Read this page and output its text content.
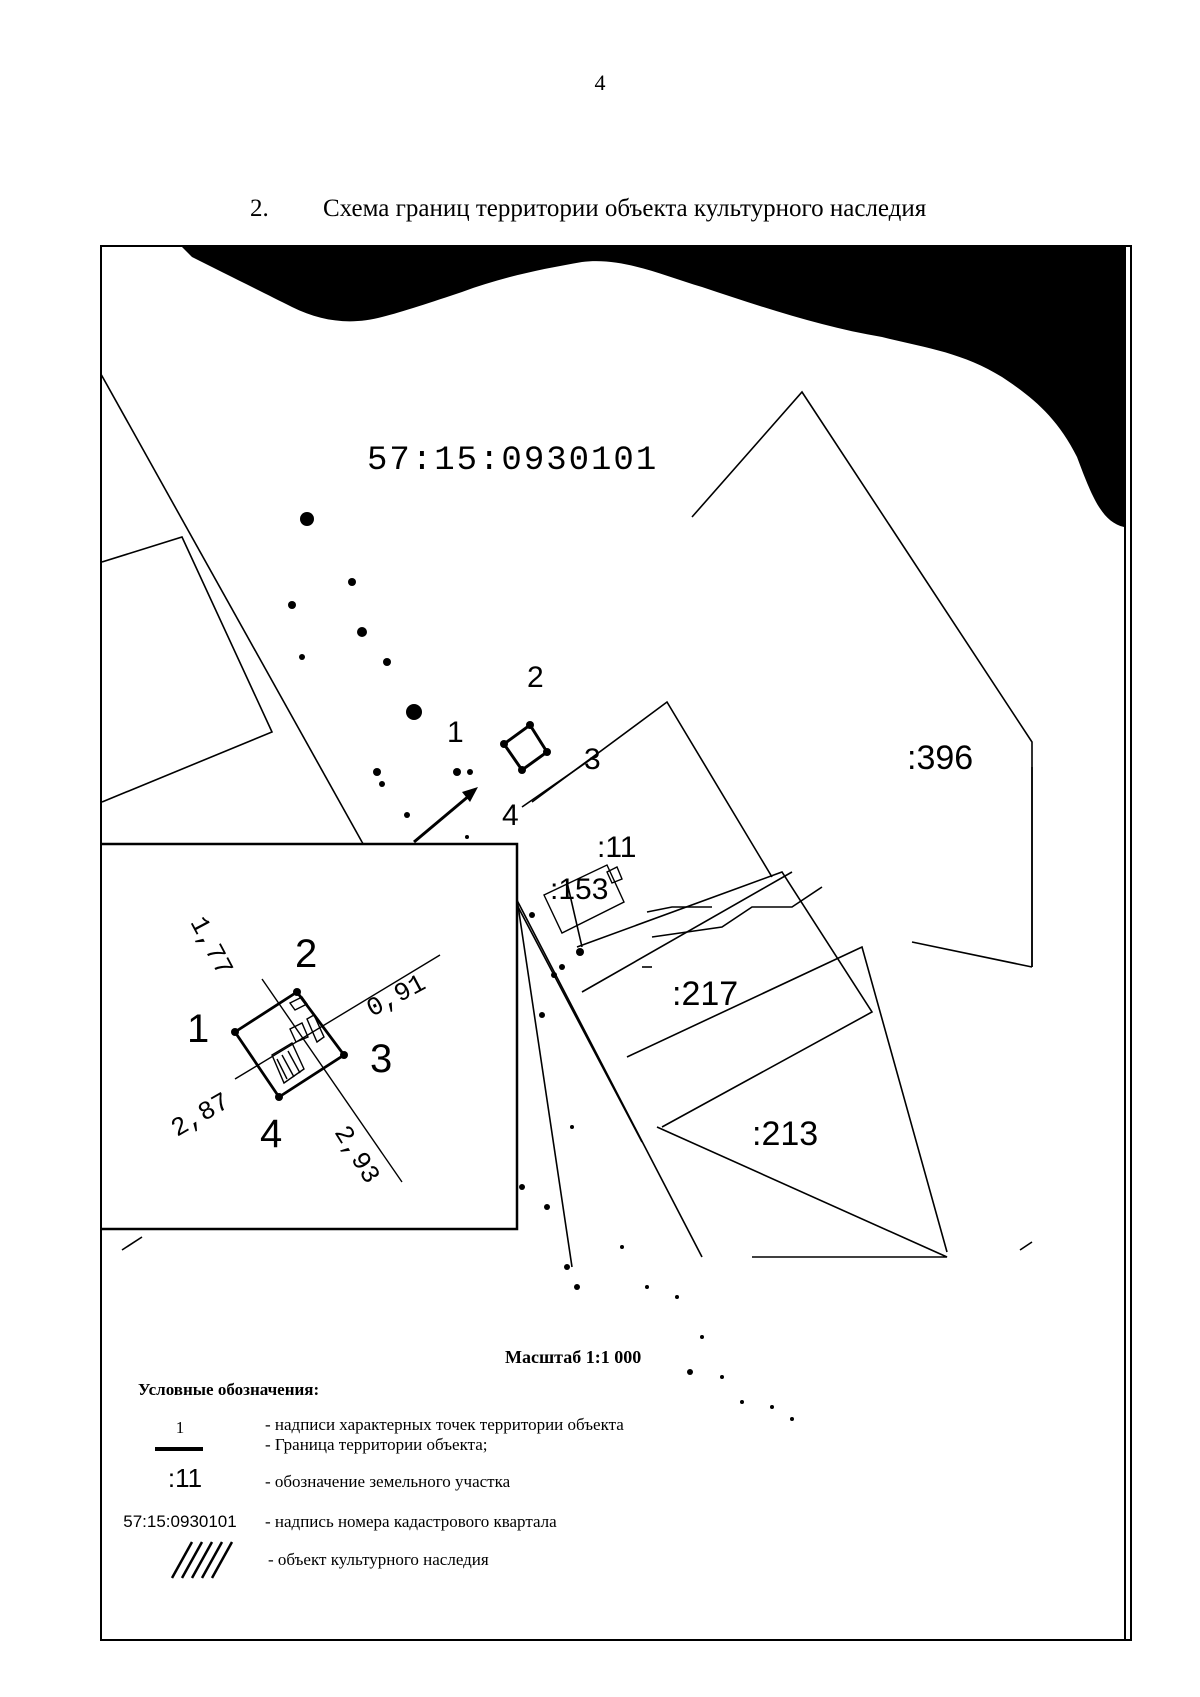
4
2. Схема границ территории объекта культурного наследия
57:15:0930101
:396
:11
:153
:217
:213
1
2
3
4
1
2
3
4
1,77
0,91
2,87
2,93
Масштаб 1:1 000
Условные обозначения:
1	- надписи характерных точек территории объекта
- Граница территории объекта;
:11	- обозначение земельного участка
57:15:0930101	- надпись номера кадастрового квартала
- объект культурного наследия
